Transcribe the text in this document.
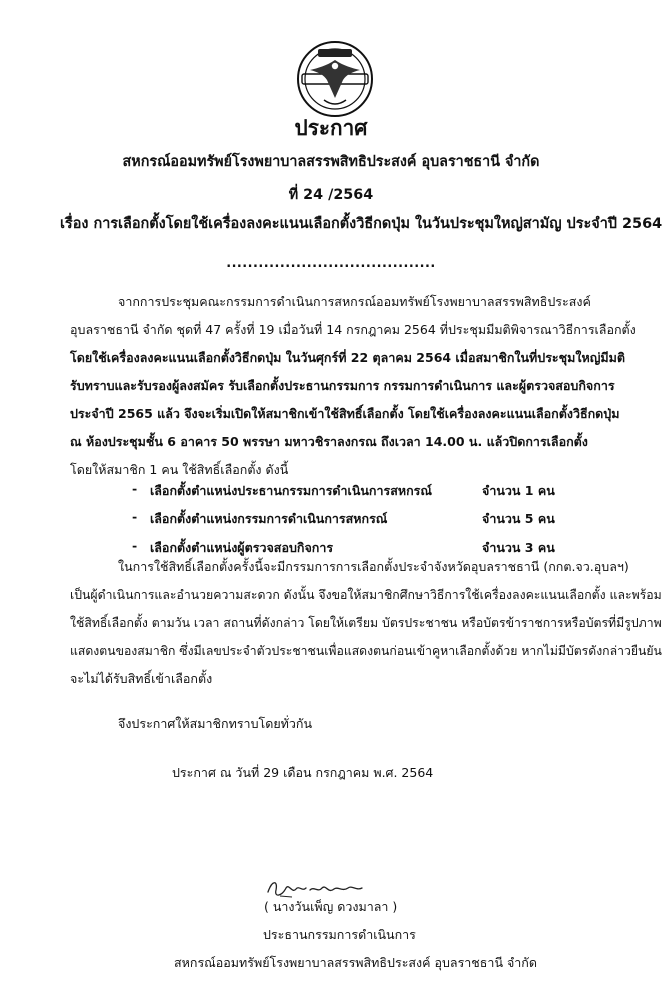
ประกาศ
สหกรณ์ออมทรัพย์โรงพยาบาลสรรพสิทธิประสงค์ อุบลราชธานี จำกัด
ที่ 24 /2564
เรื่อง การเลือกตั้งโดยใช้เครื่องลงคะแนนเลือกตั้งวิธีกดปุ่ม ในวันประชุมใหญ่สามัญ ประจำปี 2564
.......................................
จากการประชุมคณะกรรมการดำเนินการสหกรณ์ออมทรัพย์โรงพยาบาลสรรพสิทธิประสงค์
อุบลราชธานี จำกัด ชุดที่ 47 ครั้งที่ 19 เมื่อวันที่ 14 กรกฎาคม 2564 ที่ประชุมมีมติพิจารณาวิธีการเลือกตั้ง
โดยใช้เครื่องลงคะแนนเลือกตั้งวิธีกดปุ่ม ในวันศุกร์ที่ 22 ตุลาคม 2564 เมื่อสมาชิกในที่ประชุมใหญ่มีมติ
รับทราบและรับรองผู้ลงสมัคร รับเลือกตั้งประธานกรรมการ กรรมการดำเนินการ และผู้ตรวจสอบกิจการ
ประจำปี 2565 แล้ว จึงจะเริ่มเปิดให้สมาชิกเข้าใช้สิทธิ์เลือกตั้ง โดยใช้เครื่องลงคะแนนเลือกตั้งวิธีกดปุ่ม
ณ ห้องประชุมชั้น 6 อาคาร 50 พรรษา มหาวชิราลงกรณ ถึงเวลา 14.00 น. แล้วปิดการเลือกตั้ง
โดยให้สมาชิก 1 คน ใช้สิทธิ์เลือกตั้ง ดังนี้
- เลือกตั้งตำแหน่งประธานกรรมการดำเนินการสหกรณ์	จำนวน 1 คน
- เลือกตั้งตำแหน่งกรรมการดำเนินการสหกรณ์	จำนวน 5 คน
- เลือกตั้งตำแหน่งผู้ตรวจสอบกิจการ	จำนวน 3 คน
ในการใช้สิทธิ์เลือกตั้งครั้งนี้จะมีกรรมการการเลือกตั้งประจำจังหวัดอุบลราชธานี (กกต.จว.อุบลฯ)
เป็นผู้ดำเนินการและอำนวยความสะดวก ดังนั้น จึงขอให้สมาชิกศึกษาวิธีการใช้เครื่องลงคะแนนเลือกตั้ง และพร้อม
ใช้สิทธิ์เลือกตั้ง ตามวัน เวลา สถานที่ดังกล่าว โดยให้เตรียม บัตรประชาชน หรือบัตรข้าราชการหรือบัตรที่มีรูปภาพ
แสดงตนของสมาชิก ซึ่งมีเลขประจำตัวประชาชนเพื่อแสดงตนก่อนเข้าคูหาเลือกตั้งด้วย หากไม่มีบัตรดังกล่าวยืนยัน
จะไม่ได้รับสิทธิ์เข้าเลือกตั้ง
จึงประกาศให้สมาชิกทราบโดยทั่วกัน
ประกาศ ณ วันที่ 29 เดือน กรกฎาคม พ.ศ. 2564
( นางวันเพ็ญ ดวงมาลา )
ประธานกรรมการดำเนินการ
สหกรณ์ออมทรัพย์โรงพยาบาลสรรพสิทธิประสงค์ อุบลราชธานี จำกัด
